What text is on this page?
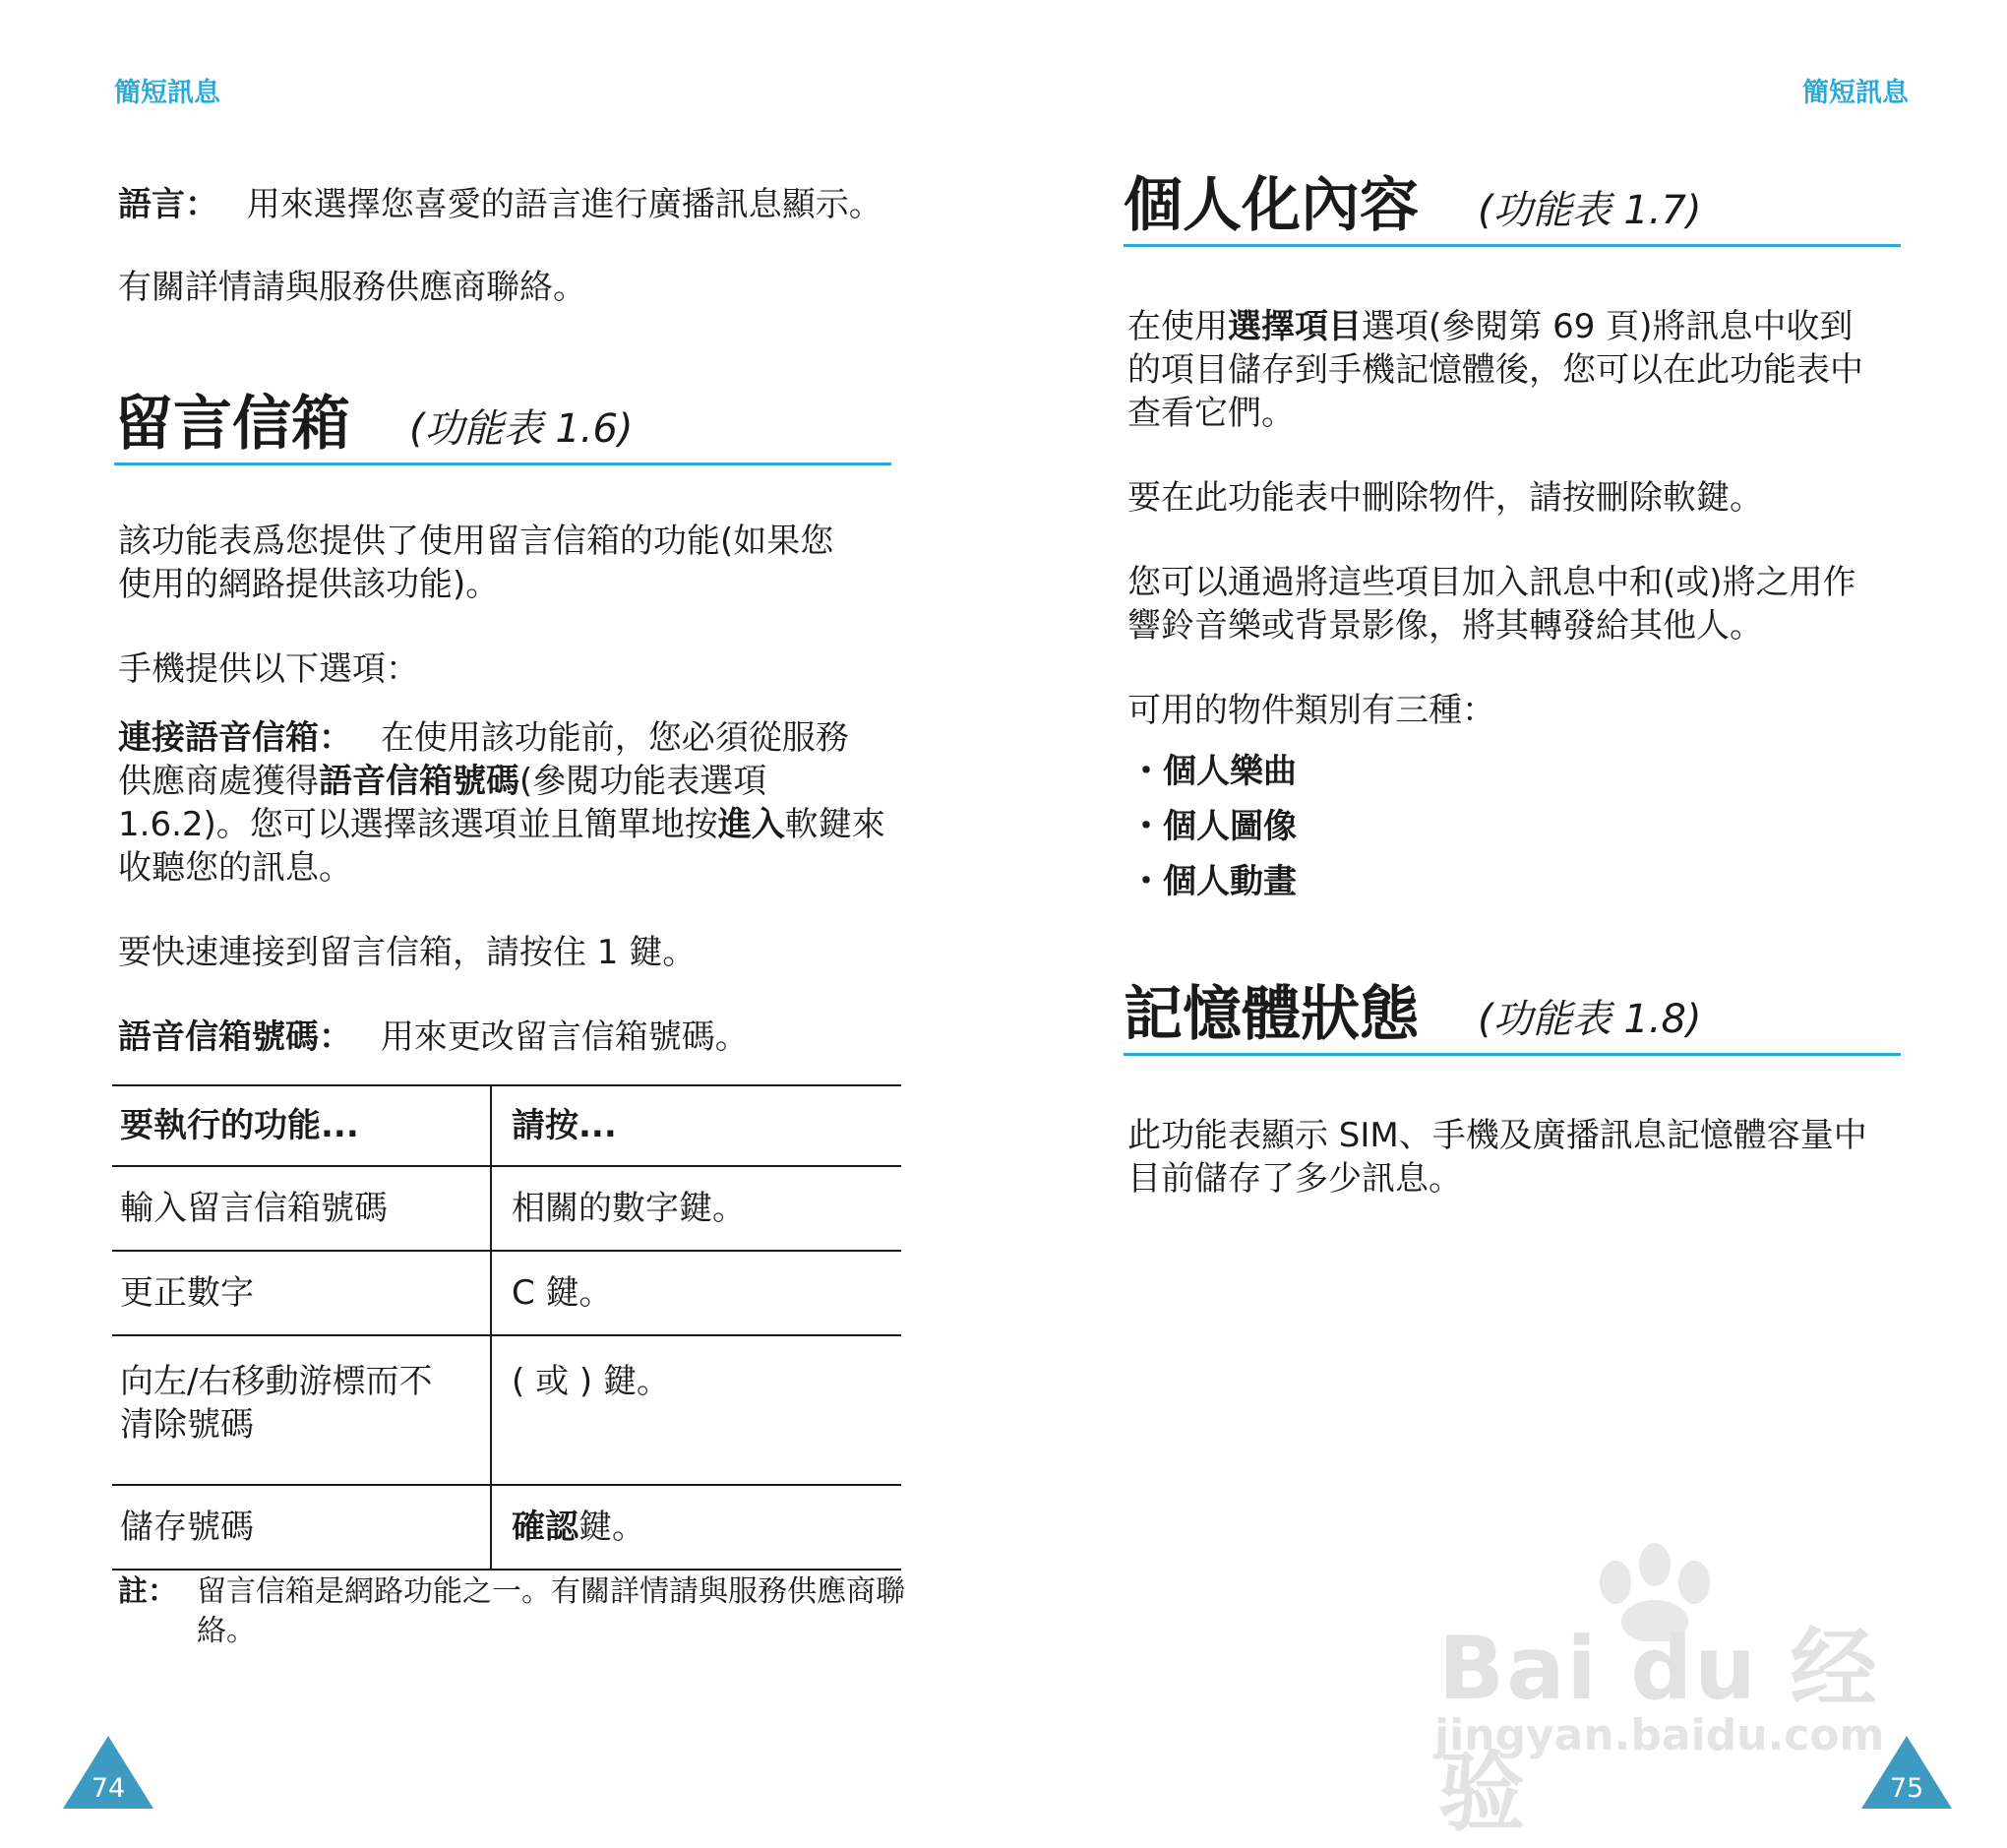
簡短訊息

語言： 用來選擇您喜愛的語言進行廣播訊息顯示。

有關詳情請與服務供應商聯絡。

留言信箱 (功能表 1.6)

該功能表爲您提供了使用留言信箱的功能(如果您

使用的網路提供該功能)。

手機提供以下選項：

連接語音信箱： 在使用該功能前，您必須從服務

供應商處獲得語音信箱號碼(參閱功能表選項

1.6.2)。您可以選擇該選項並且簡單地按進入軟鍵來

收聽您的訊息。

要快速連接到留言信箱，請按住 1 鍵。

語音信箱號碼： 用來更改留言信箱號碼。

要執行的功能...	請按...
輸入留言信箱號碼	相關的數字鍵。
更正數字	C 鍵。

向左/右移動游標而不
清除號碼	( 或 ) 鍵。
儲存號碼	確認鍵。
註： 留言信箱是網路功能之一。有關詳情請與服務供應商聯絡。
74
簡短訊息
個人化內容 (功能表 1.7)

在使用選擇項目選項(參閱第 69 頁)將訊息中收到

的項目儲存到手機記憶體後，您可以在此功能表中

查看它們。

要在此功能表中刪除物件，請按刪除軟鍵。

您可以通過將這些項目加入訊息中和(或)將之用作

響鈴音樂或背景影像，將其轉發給其他人。

可用的物件類別有三種：

・個人樂曲
・個人圖像
・個人動畫
記憶體狀態 (功能表 1.8)

此功能表顯示 SIM、手機及廣播訊息記憶體容量中

目前儲存了多少訊息。

Bai du 经验
jingyan.baidu.com
75
